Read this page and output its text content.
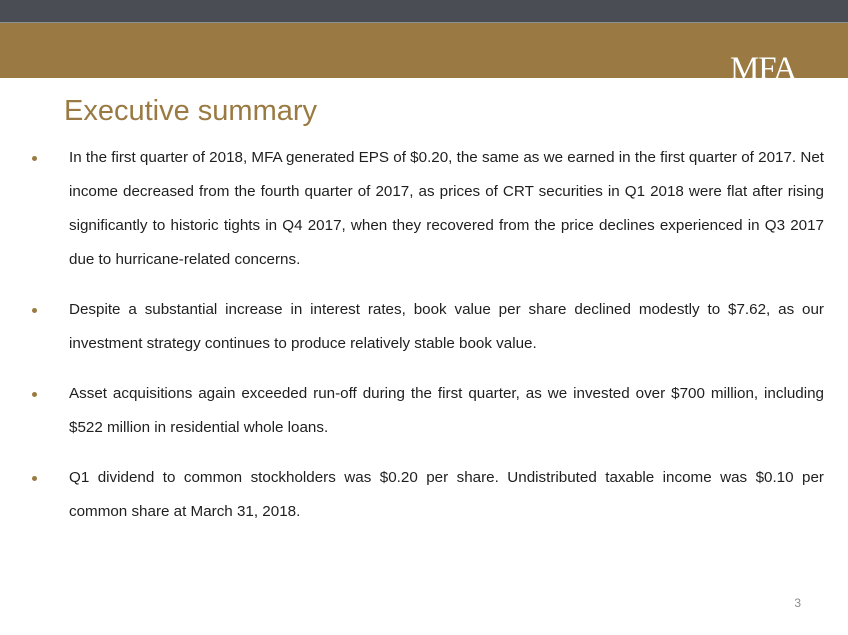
MFA
FINANCIAL, INC.
Executive summary
In the first quarter of 2018, MFA generated EPS of $0.20, the same as we earned in the first quarter of 2017. Net income decreased from the fourth quarter of 2017, as prices of CRT securities in Q1 2018 were flat after rising significantly to historic tights in Q4 2017, when they recovered from the price declines experienced in Q3 2017 due to hurricane-related concerns.
Despite a substantial increase in interest rates, book value per share declined modestly to $7.62, as our investment strategy continues to produce relatively stable book value.
Asset acquisitions again exceeded run-off during the first quarter, as we invested over $700 million, including $522 million in residential whole loans.
Q1 dividend to common stockholders was $0.20 per share. Undistributed taxable income was $0.10 per common share at March 31, 2018.
3
